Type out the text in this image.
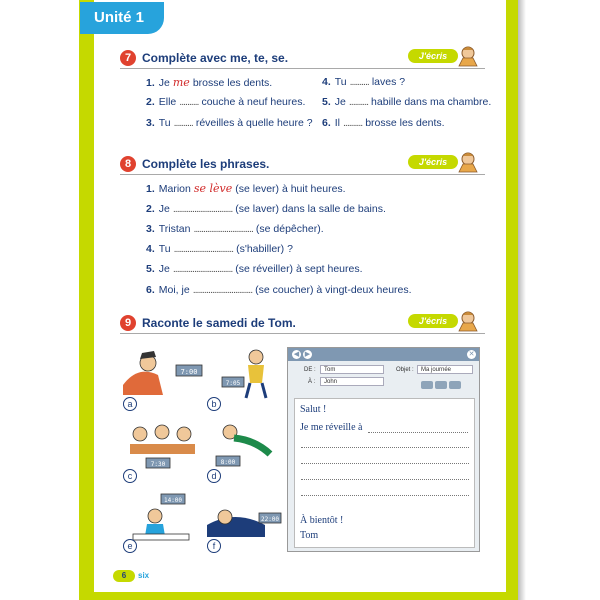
Unité 1
7 Complète avec me, te, se.	J'écris
1. Je me brosse les dents.
2. Elle .......... couche à neuf heures.
3. Tu .......... réveilles à quelle heure ?
4. Tu .......... laves ?
5. Je .......... habille dans ma chambre.
6. Il .......... brosse les dents.
8 Complète les phrases.	J'écris
1. Marion se lève (se lever) à huit heures.
2. Je ............................... (se laver) dans la salle de bains.
3. Tristan ............................... (se dépêcher).
4. Tu ............................... (s'habiller) ?
5. Je ............................... (se réveiller) à sept heures.
6. Moi, je ............................... (se coucher) à vingt-deux heures.
9 Raconte le samedi de Tom.	J'écris
7:00
7:05
7:30	8:00
14:00
22:00
a	b
c	d
e	f
◀ ▶	✕
DE :	Tom
À :	John
Objet :	Ma journée
Salut !
Je me réveille à
À bientôt !
Tom
6	six
